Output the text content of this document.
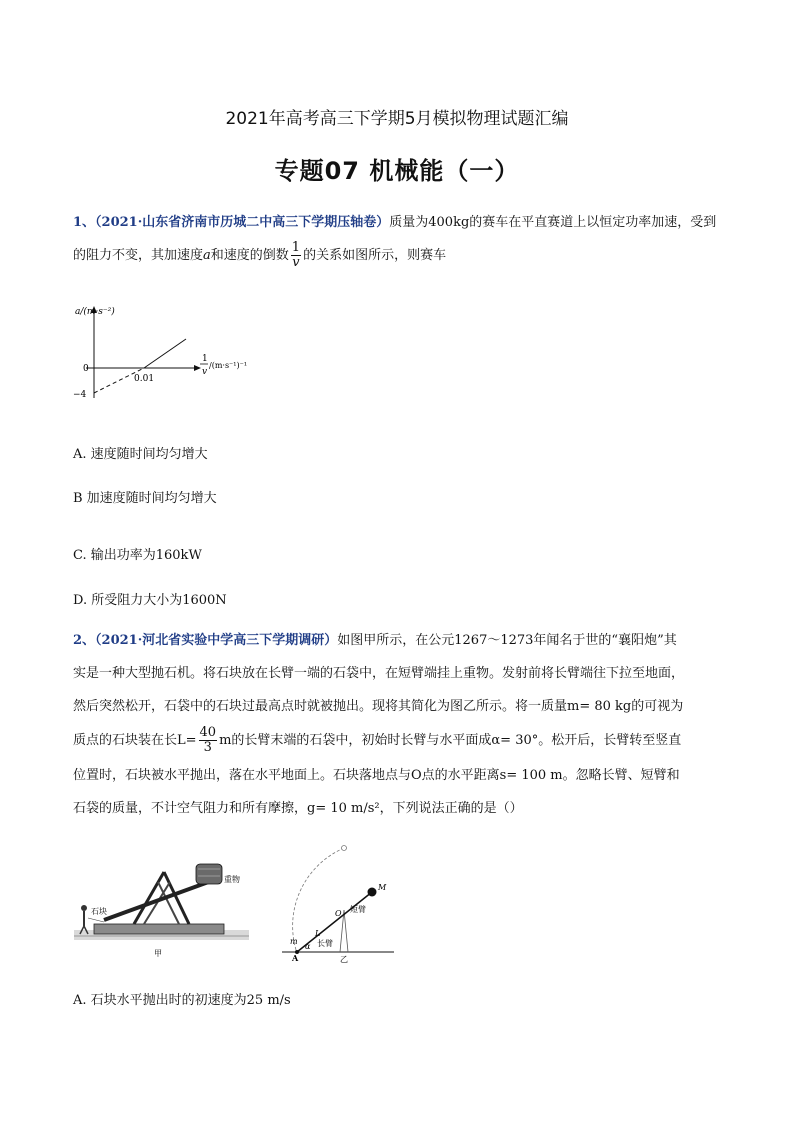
2021年高考高三下学期5月模拟物理试题汇编
专题07 机械能（一）
1、（2021·山东省济南市历城二中高三下学期压轴卷）质量为400kg的赛车在平直赛道上以恒定功率加速，受到的阻力不变，其加速度a和速度的倒数 $\frac{1}{v}$ 的关系如图所示，则赛车
a/(m·s⁻²)
0
0.01
−4
1
v
/(m·s⁻¹)⁻¹
A. 速度随时间均匀增大
B 加速度随时间均匀增大
C. 输出功率为160kW
D. 所受阻力大小为1600N
2、（2021·河北省实验中学高三下学期调研）如图甲所示，在公元1267～1273年闻名于世的“襄阳炮”其
实是一种大型抛石机。将石块放在长臂一端的石袋中，在短臂端挂上重物。发射前将长臂端往下拉至地面，
然后突然松开，石袋中的石块过最高点时就被抛出。现将其简化为图乙所示。将一质量m= 80 kg的可视为
质点的石块装在长$L= \frac{40}{3}$ m的长臂末端的石袋中，初始时长臂与水平面成α= 30°。松开后，长臂转至竖直
位置时，石块被水平抛出，落在水平地面上。石块落地点与O点的水平距离s= 100 m。忽略长臂、短臂和
石袋的质量，不计空气阻力和所有摩擦，g= 10 m/s²，下列说法正确的是（）
石块
重物
甲
M
O 短臂
L
长臂
m
α
A	乙
A. 石块水平抛出时的初速度为25 m/s
